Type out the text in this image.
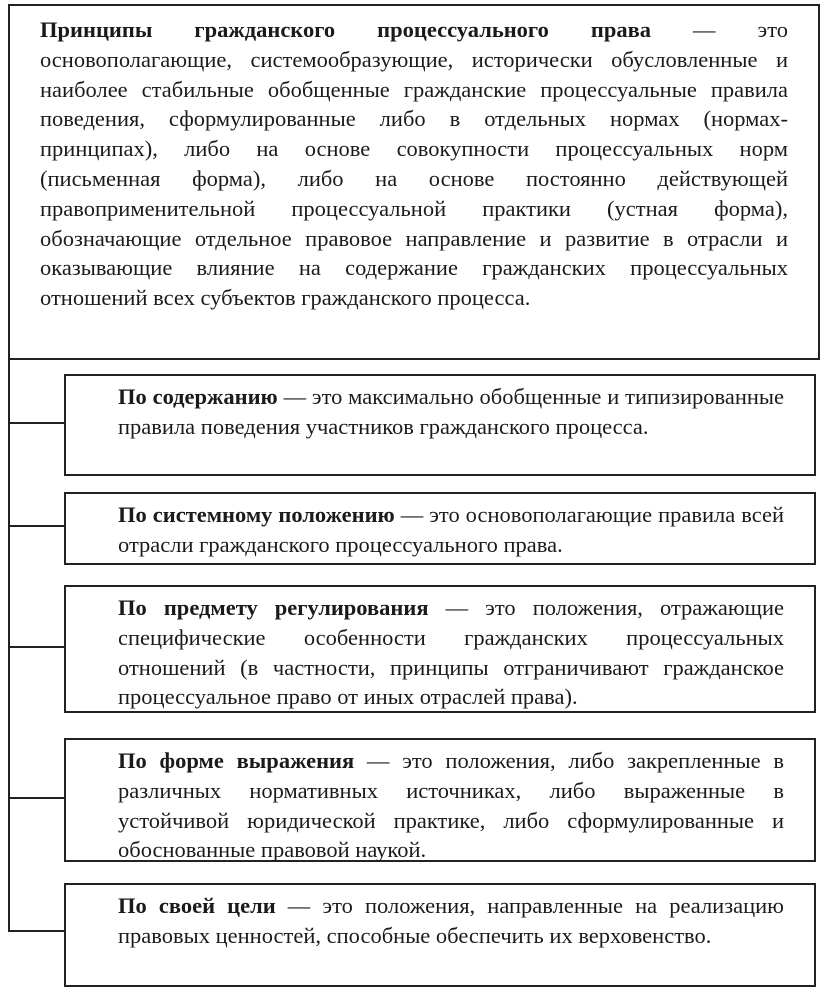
Принципы гражданского процессуального права — это основополагающие, системообразующие, исторически обусловленные и наиболее стабильные обобщенные гражданские процессуальные правила поведения, сформулированные либо в отдельных нормах (нормах-принципах), либо на основе совокупности процессуальных норм (письменная форма), либо на основе постоянно действующей правоприменительной процессуальной практики (устная форма), обозначающие отдельное правовое направление и развитие в отрасли и оказывающие влияние на содержание гражданских процессуальных отношений всех субъектов гражданского процесса.
По содержанию — это максимально обобщенные и типизированные правила поведения участников гражданского процесса.
По системному положению — это основополагающие правила всей отрасли гражданского процессуального права.
По предмету регулирования — это положения, отражающие специфические особенности гражданских процессуальных отношений (в частности, принципы отграничивают гражданское процессуальное право от иных отраслей права).
По форме выражения — это положения, либо закрепленные в различных нормативных источниках, либо выраженные в устойчивой юридической практике, либо сформулированные и обоснованные правовой наукой.
По своей цели — это положения, направленные на реализацию правовых ценностей, способные обеспечить их верховенство.
